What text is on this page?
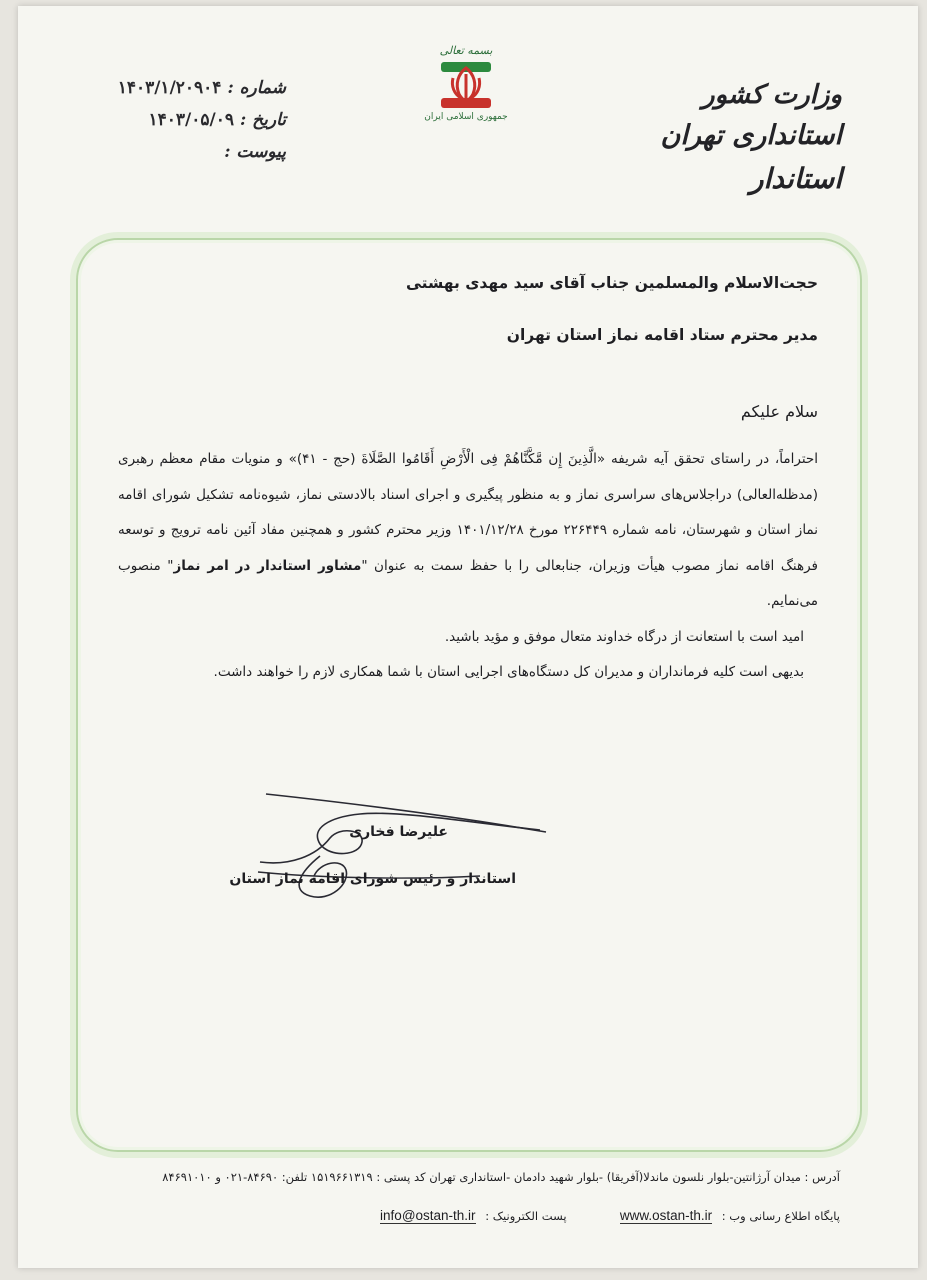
بسمه تعالی
جمهوری اسلامی ایران
وزارت کشور
استانداری تهران
استاندار
شماره :
۱۴۰۳/۱/۲۰۹۰۴
تاریخ :
۱۴۰۳/۰۵/۰۹
پیوست :
حجت‌الاسلام والمسلمین جناب آقای سید مهدی بهشتی
مدیر محترم ستاد اقامه نماز استان تهران
سلام علیکم

احتراماً، در راستای تحقق آیه شریفه «الَّذِینَ إِن مَّکَّنَّاهُمْ فِی الْأَرْضِ أَقَامُوا الصَّلَاةَ (حج - ۴۱)» و منویات مقام معظم رهبری (مدظله‌العالی) دراجلاس‌های سراسری نماز و به منظور پیگیری و اجرای اسناد بالادستی نماز، شیوه‌نامه تشکیل شورای اقامه نماز استان و شهرستان، نامه شماره ۲۲۶۴۴۹ مورخ ۱۴۰۱/۱۲/۲۸ وزیر محترم کشور و همچنین مفاد آئین نامه ترویج و توسعه فرهنگ اقامه نماز مصوب هیأت وزیران، جنابعالی را با حفظ سمت به عنوان "مشاور استاندار در امر نماز" منصوب می‌نمایم.

امید است با استعانت از درگاه خداوند متعال موفق و مؤید باشید.

بدیهی است کلیه فرمانداران و مدیران کل دستگاه‌های اجرایی استان با شما همکاری لازم را خواهند داشت.

علیرضا فخاری
استاندار و رئیس شورای اقامه نماز استان
آدرس : میدان آرژانتین-بلوار نلسون ماندلا(آفریقا) -بلوار شهید دادمان -استانداری تهران کد پستی : ۱۵۱۹۶۶۱۳۱۹ تلفن: ۸۴۶۹۰-۰۲۱ و ۸۴۶۹۱۰۱۰
پایگاه اطلاع رسانی وب : www.ostan-th.ir  پست الکترونیک : info@ostan-th.ir
